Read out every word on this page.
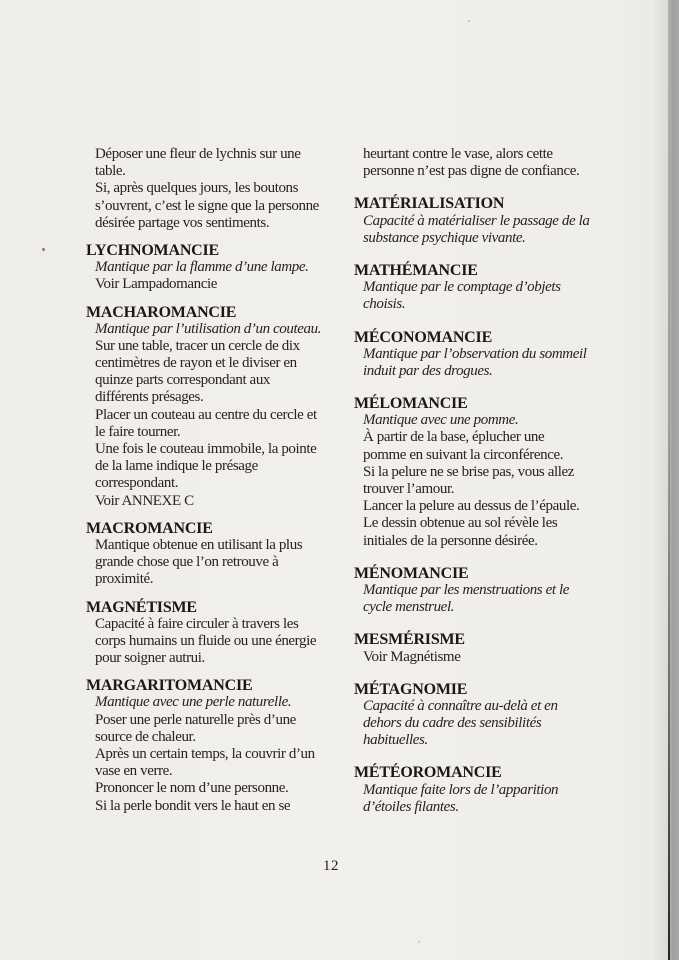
Déposer une fleur de lychnis sur une
table.
Si, après quelques jours, les boutons
s’ouvrent, c’est le signe que la personne
désirée partage vos sentiments.
LYCHNOMANCIE
Mantique par la flamme d’une lampe.
Voir Lampadomancie
MACHAROMANCIE
Mantique par l’utilisation d’un couteau.
Sur une table, tracer un cercle de dix
centimètres de rayon et le diviser en
quinze parts correspondant aux
différents présages.
Placer un couteau au centre du cercle et
le faire tourner.
Une fois le couteau immobile, la pointe
de la lame indique le présage
correspondant.
Voir ANNEXE C
MACROMANCIE
Mantique obtenue en utilisant la plus
grande chose que l’on retrouve à
proximité.
MAGNÉTISME
Capacité à faire circuler à travers les
corps humains un fluide ou une énergie
pour soigner autrui.
MARGARITOMANCIE
Mantique avec une perle naturelle.
Poser une perle naturelle près d’une
source de chaleur.
Après un certain temps, la couvrir d’un
vase en verre.
Prononcer le nom d’une personne.
Si la perle bondit vers le haut en se
heurtant contre le vase, alors cette
personne n’est pas digne de confiance.
MATÉRIALISATION
Capacité à matérialiser le passage de la
substance psychique vivante.
MATHÉMANCIE
Mantique par le comptage d’objets
choisis.
MÉCONOMANCIE
Mantique par l’observation du sommeil
induit par des drogues.
MÉLOMANCIE
Mantique avec une pomme.
À partir de la base, éplucher une
pomme en suivant la circonférence.
Si la pelure ne se brise pas, vous allez
trouver l’amour.
Lancer la pelure au dessus de l’épaule.
Le dessin obtenue au sol révèle les
initiales de la personne désirée.
MÉNOMANCIE
Mantique par les menstruations et le
cycle menstruel.
MESMÉRISME
Voir Magnétisme
MÉTAGNOMIE
Capacité à connaître au-delà et en
dehors du cadre des sensibilités
habituelles.
MÉTÉOROMANCIE
Mantique faite lors de l’apparition
d’étoiles filantes.
12
